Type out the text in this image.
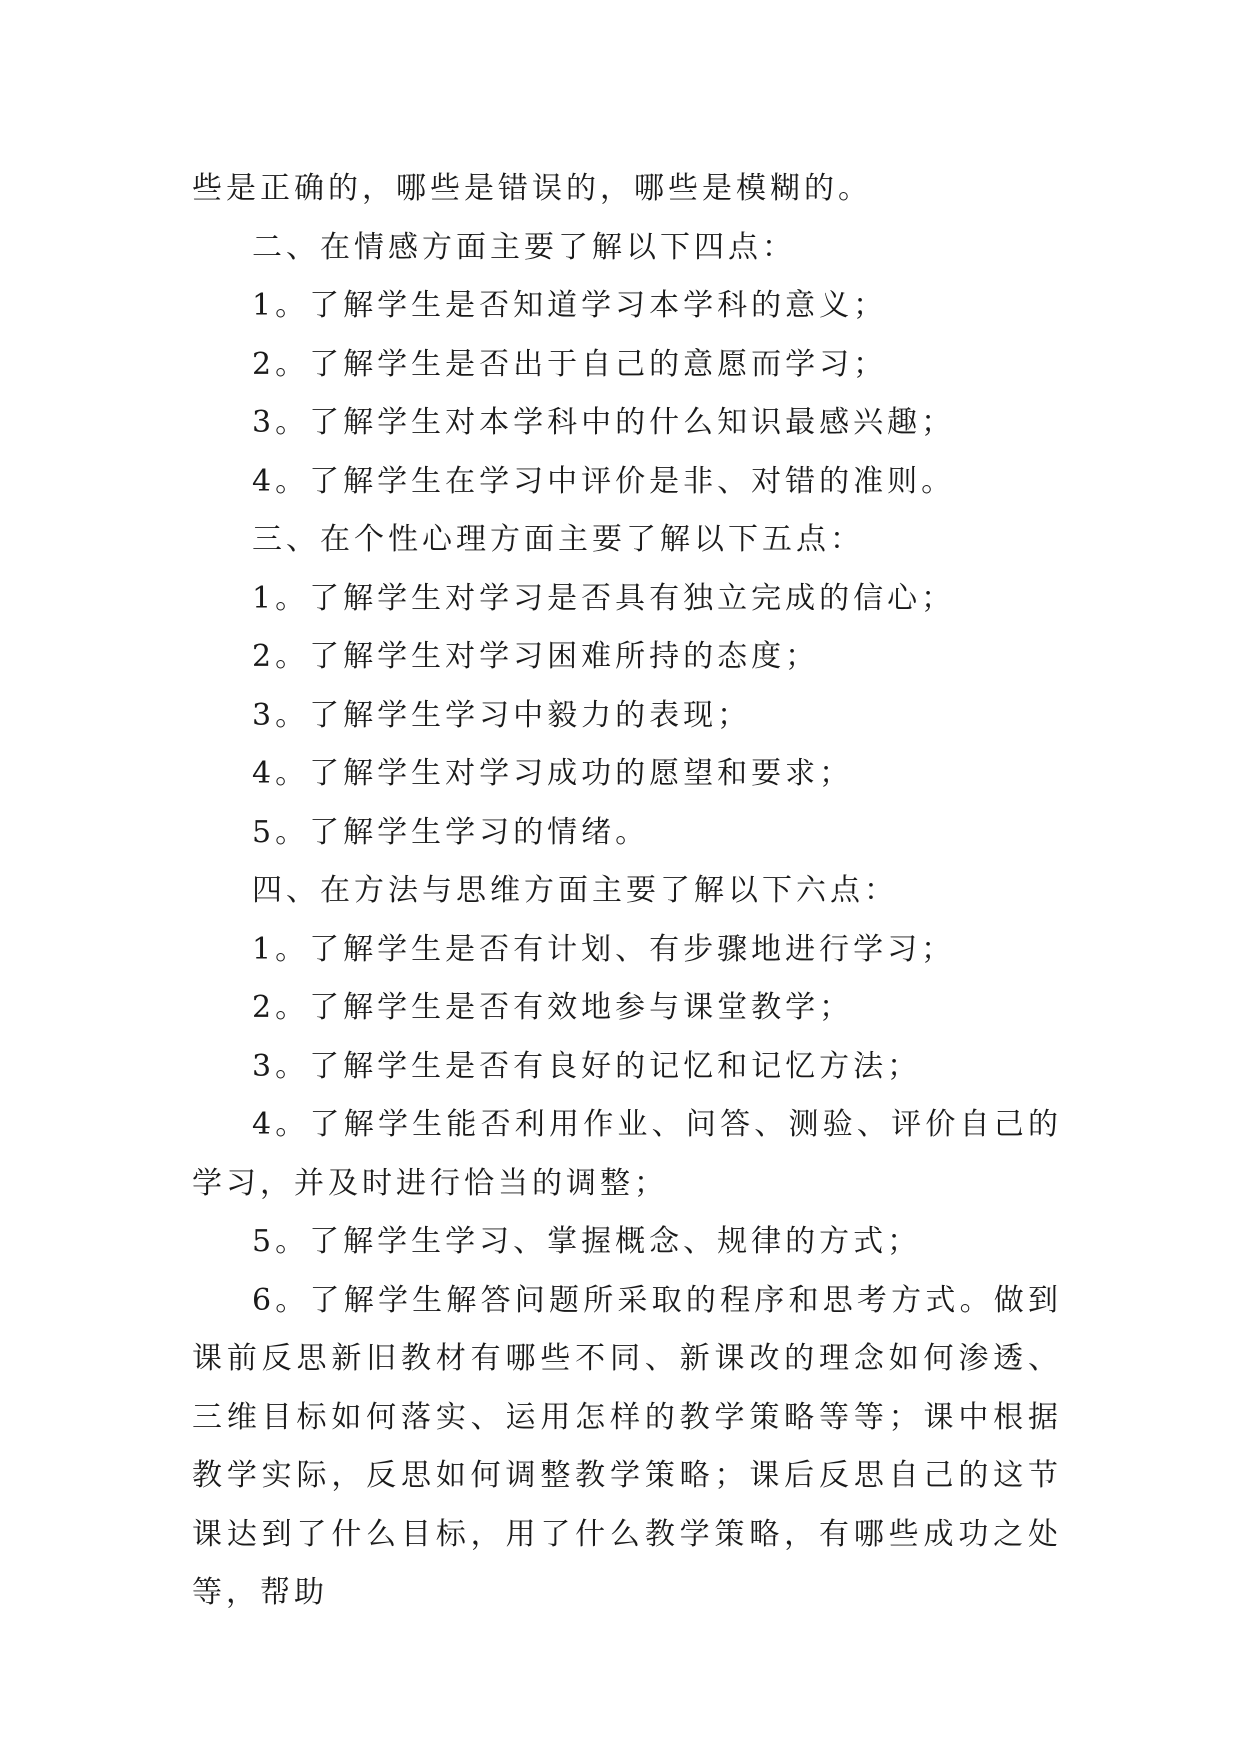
些是正确的，哪些是错误的，哪些是模糊的。

二、在情感方面主要了解以下四点：

1。了解学生是否知道学习本学科的意义；

2。了解学生是否出于自己的意愿而学习；

3。了解学生对本学科中的什么知识最感兴趣；

4。了解学生在学习中评价是非、对错的准则。

三、在个性心理方面主要了解以下五点：

1。了解学生对学习是否具有独立完成的信心；

2。了解学生对学习困难所持的态度；

3。了解学生学习中毅力的表现；

4。了解学生对学习成功的愿望和要求；

5。了解学生学习的情绪。

四、在方法与思维方面主要了解以下六点：

1。了解学生是否有计划、有步骤地进行学习；

2。了解学生是否有效地参与课堂教学；

3。了解学生是否有良好的记忆和记忆方法；

4。了解学生能否利用作业、问答、测验、评价自己的学习，并及时进行恰当的调整；

5。了解学生学习、掌握概念、规律的方式；

6。了解学生解答问题所采取的程序和思考方式。做到课前反思新旧教材有哪些不同、新课改的理念如何渗透、三维目标如何落实、运用怎样的教学策略等等；课中根据教学实际，反思如何调整教学策略；课后反思自己的这节课达到了什么目标，用了什么教学策略，有哪些成功之处等，帮助
